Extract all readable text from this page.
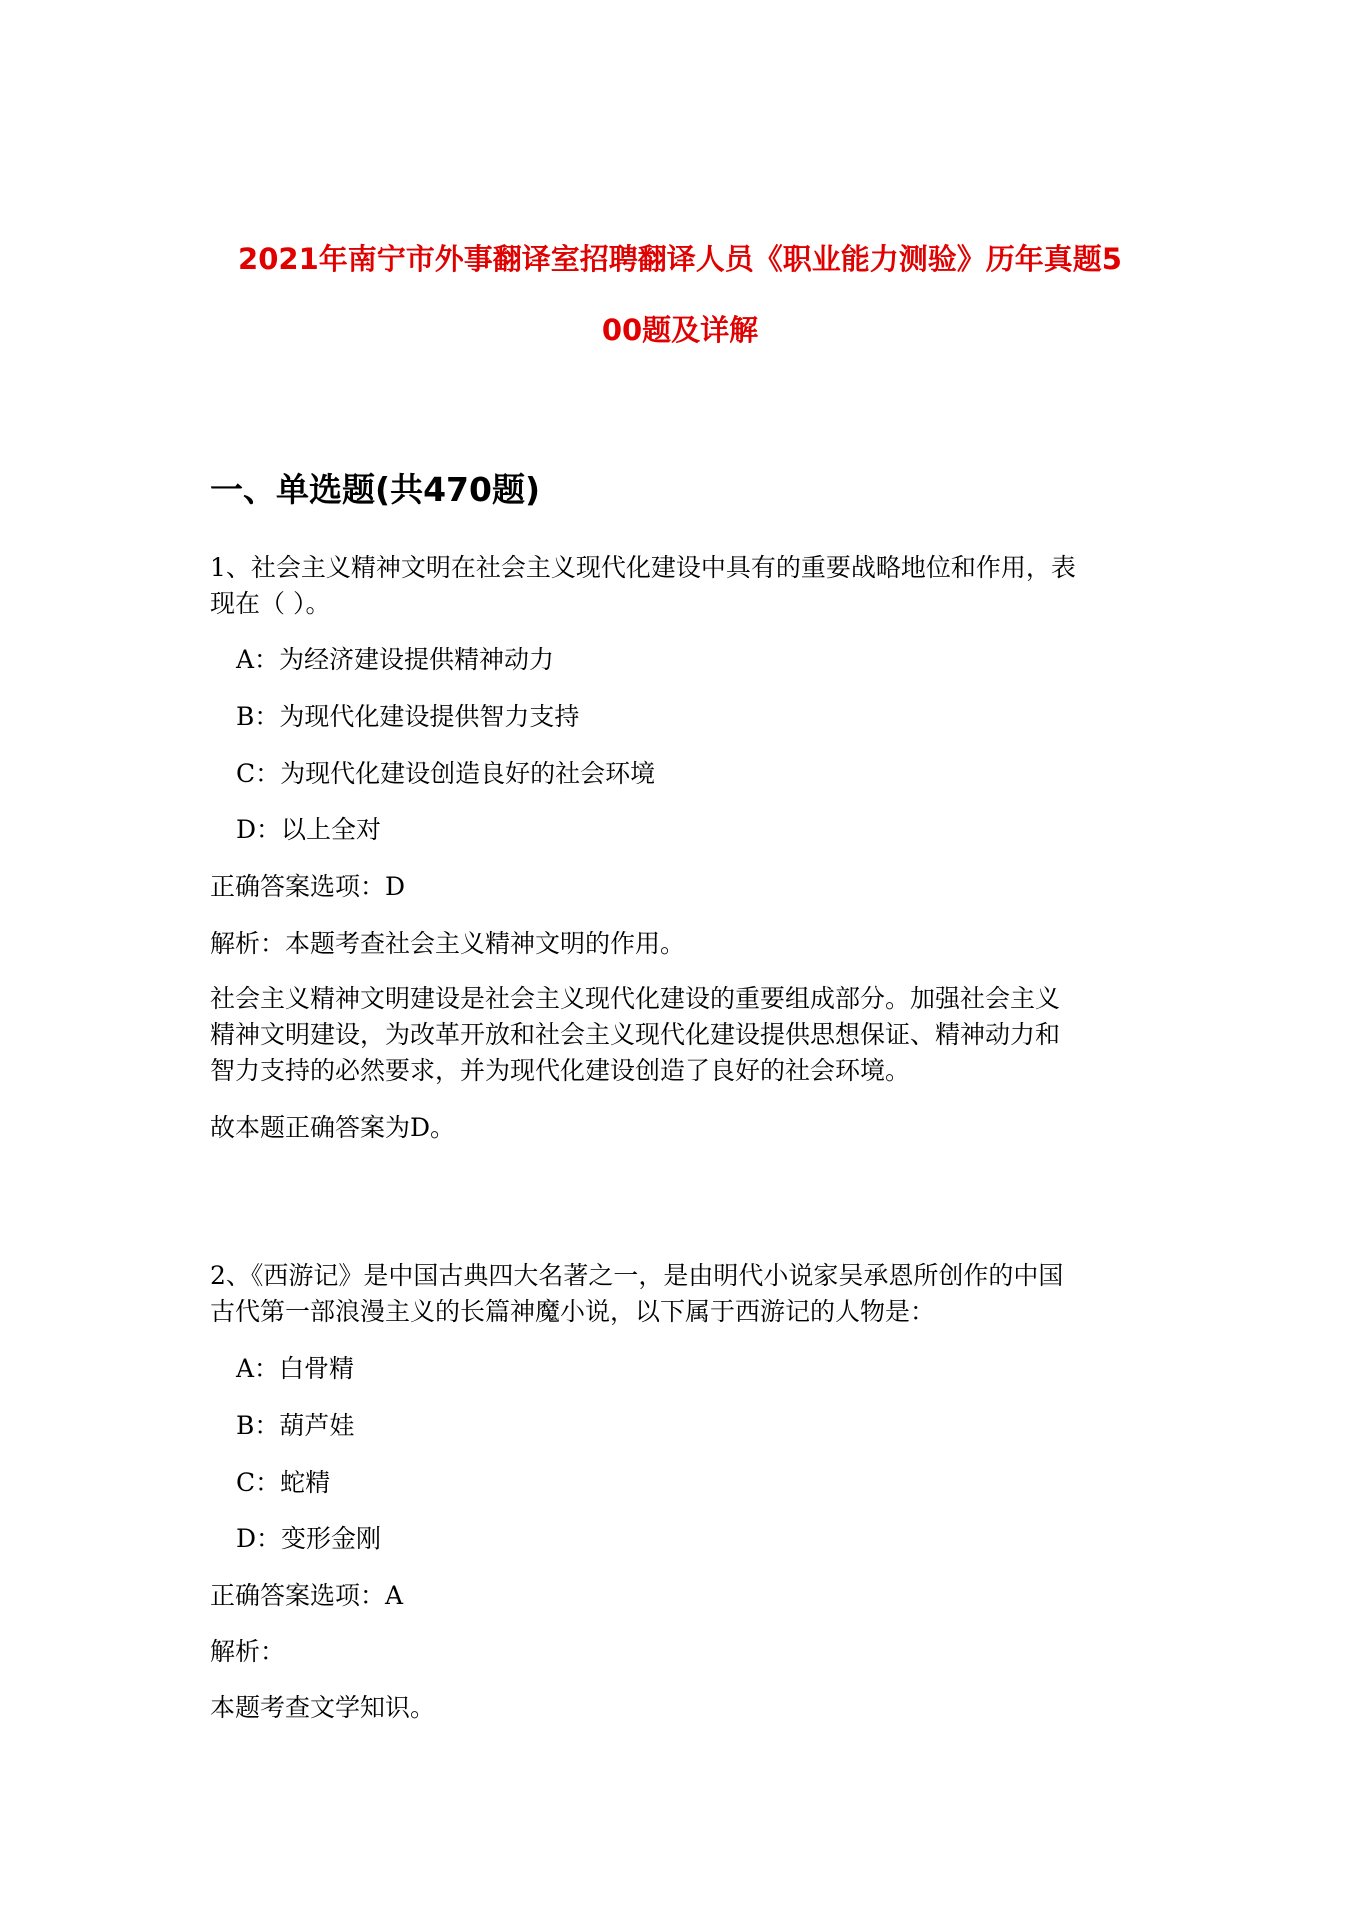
2021年南宁市外事翻译室招聘翻译人员《职业能力测验》历年真题5
00题及详解
一、单选题(共470题)
1、社会主义精神文明在社会主义现代化建设中具有的重要战略地位和作用，表
现在（ ）。
A：为经济建设提供精神动力
B：为现代化建设提供智力支持
C：为现代化建设创造良好的社会环境
D：以上全对
正确答案选项：D
解析：本题考查社会主义精神文明的作用。
社会主义精神文明建设是社会主义现代化建设的重要组成部分。加强社会主义
精神文明建设，为改革开放和社会主义现代化建设提供思想保证、精神动力和
智力支持的必然要求，并为现代化建设创造了良好的社会环境。
故本题正确答案为D。
2、《西游记》是中国古典四大名著之一，是由明代小说家吴承恩所创作的中国
古代第一部浪漫主义的长篇神魔小说，以下属于西游记的人物是：
A：白骨精
B：葫芦娃
C：蛇精
D：变形金刚
正确答案选项：A
解析：
本题考查文学知识。
